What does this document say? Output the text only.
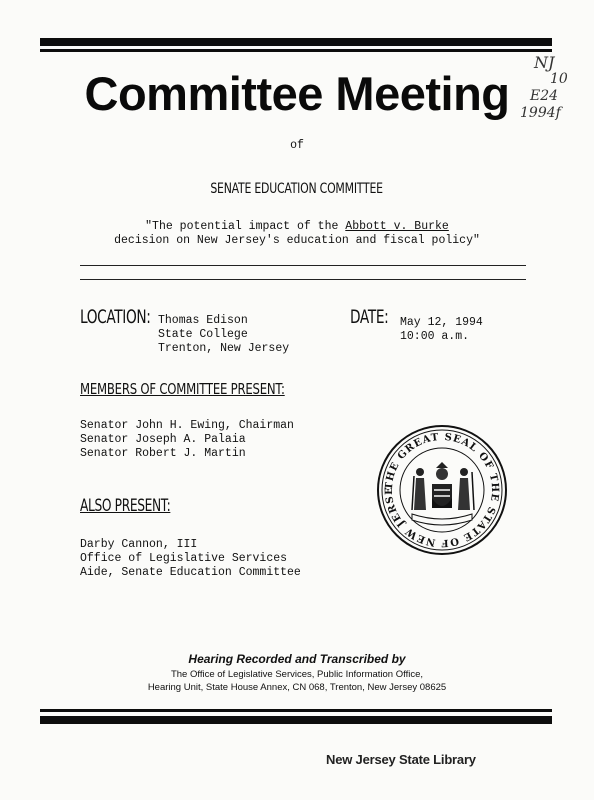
Committee Meeting
NJ
10
E24
1994f
of
SENATE EDUCATION COMMITTEE
"The potential impact of the Abbott v. Burke
decision on New Jersey's education and fiscal policy"
LOCATION: Thomas Edison
State College
Trenton, New Jersey
DATE: May 12, 1994
10:00 a.m.
MEMBERS OF COMMITTEE PRESENT:
Senator John H. Ewing, Chairman
Senator Joseph A. Palaia
Senator Robert J. Martin
THE GREAT SEAL OF THE STATE OF NEW JERSE
ALSO PRESENT:
Darby Cannon, III
Office of Legislative Services
Aide, Senate Education Committee
Hearing Recorded and Transcribed by
The Office of Legislative Services, Public Information Office,
Hearing Unit, State House Annex, CN 068, Trenton, New Jersey 08625
New Jersey State Library
